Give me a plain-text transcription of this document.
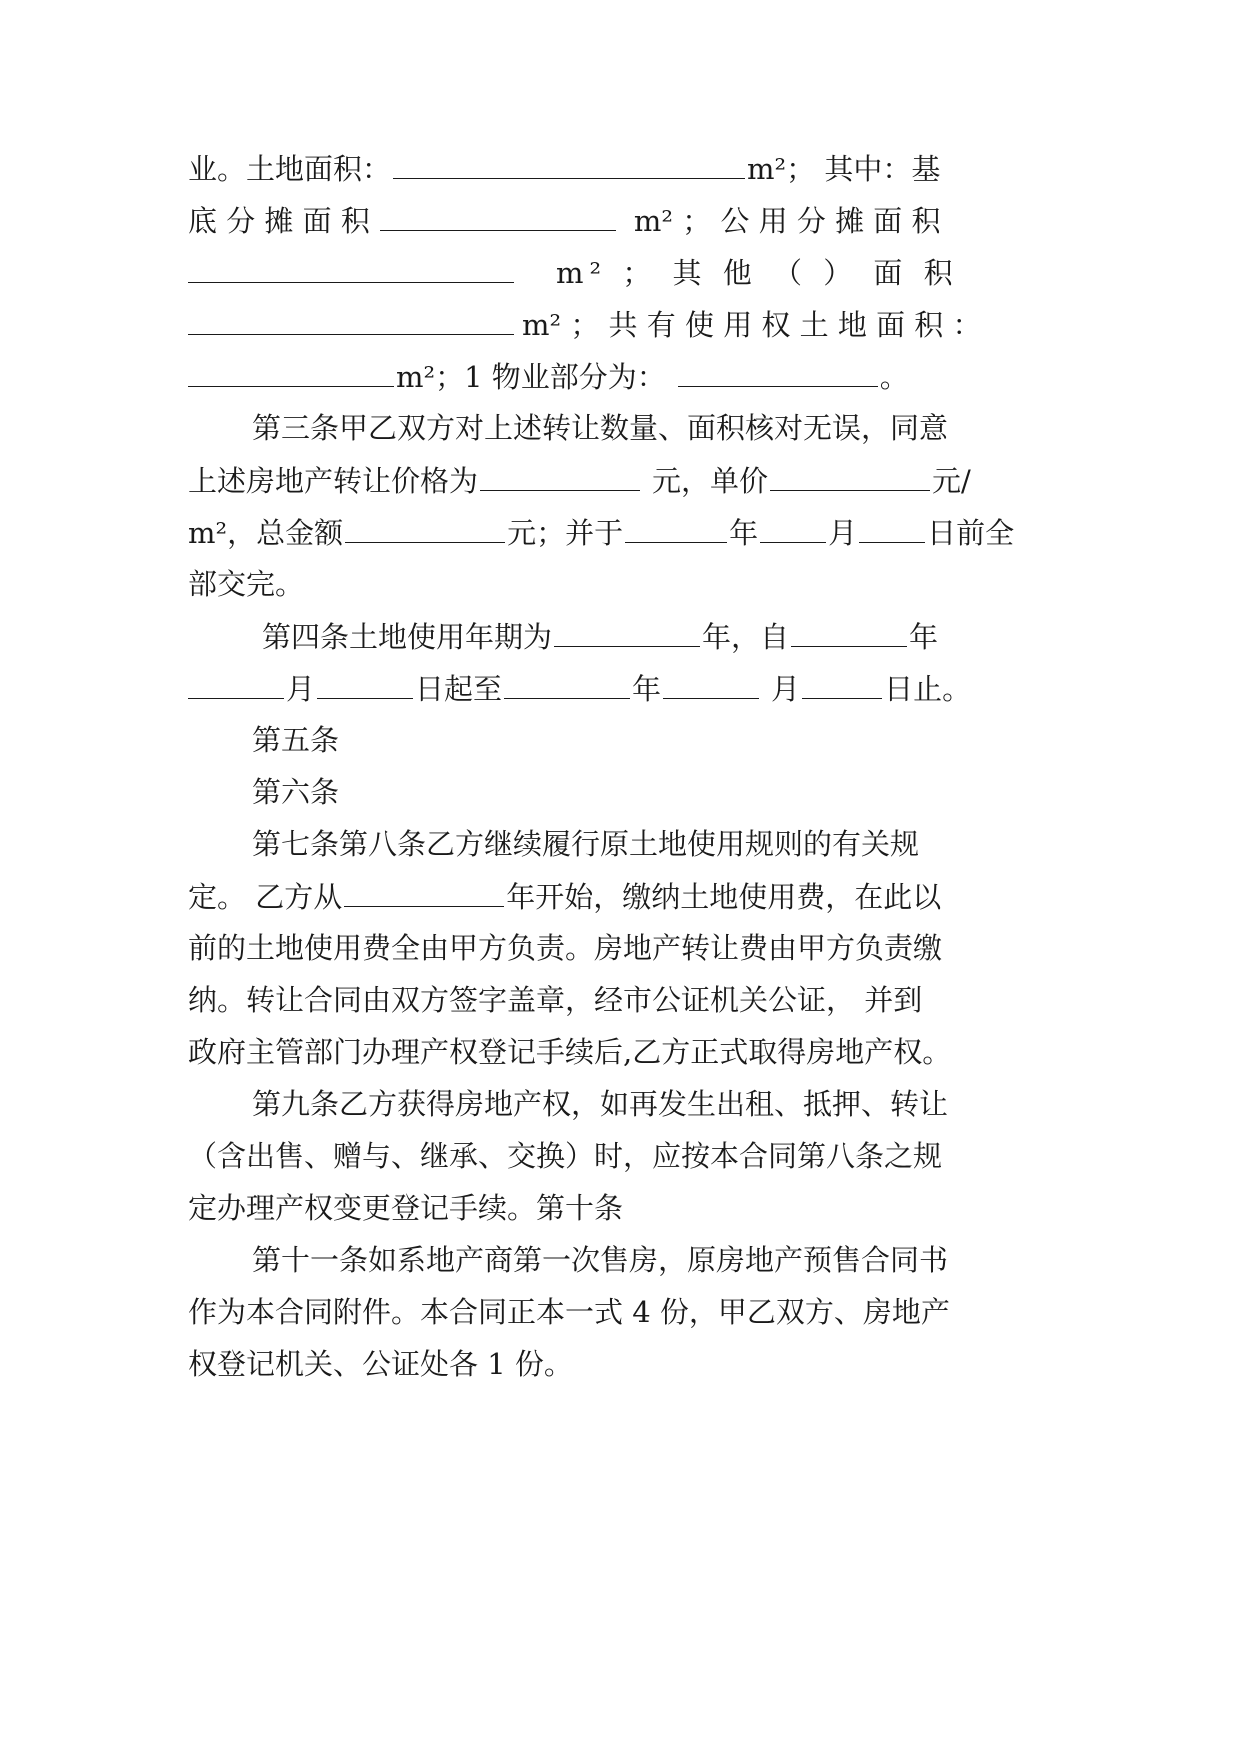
业。土地面积：	m²； 其中：基
底 分 摊 面 积	m² ； 公 用 分 摊 面 积
m² ； 其 他 （ ） 面 积
m² ； 共 有 使 用 权 土 地 面 积 ：
m²；1 物业部分为：	。
第三条甲乙双方对上述转让数量、面积核对无误，同意
上述房地产转让价格为	元，单价	元/
m²，总金额	元；并于	年 月 日前全
部交完。
第四条土地使用年期为	年，自	年
月	日起至	年	月	日止。
第五条
第六条
第七条第八条乙方继续履行原土地使用规则的有关规
定。 乙方从	年开始，缴纳土地使用费，在此以
前的土地使用费全由甲方负责。房地产转让费由甲方负责缴
纳。转让合同由双方签字盖章，经市公证机关公证， 并到
政府主管部门办理产权登记手续后,乙方正式取得房地产权。
第九条乙方获得房地产权，如再发生出租、抵押、转让
（含出售、赠与、继承、交换）时，应按本合同第八条之规
定办理产权变更登记手续。第十条
第十一条如系地产商第一次售房，原房地产预售合同书
作为本合同附件。本合同正本一式 4 份，甲乙双方、房地产
权登记机关、公证处各 1 份。
